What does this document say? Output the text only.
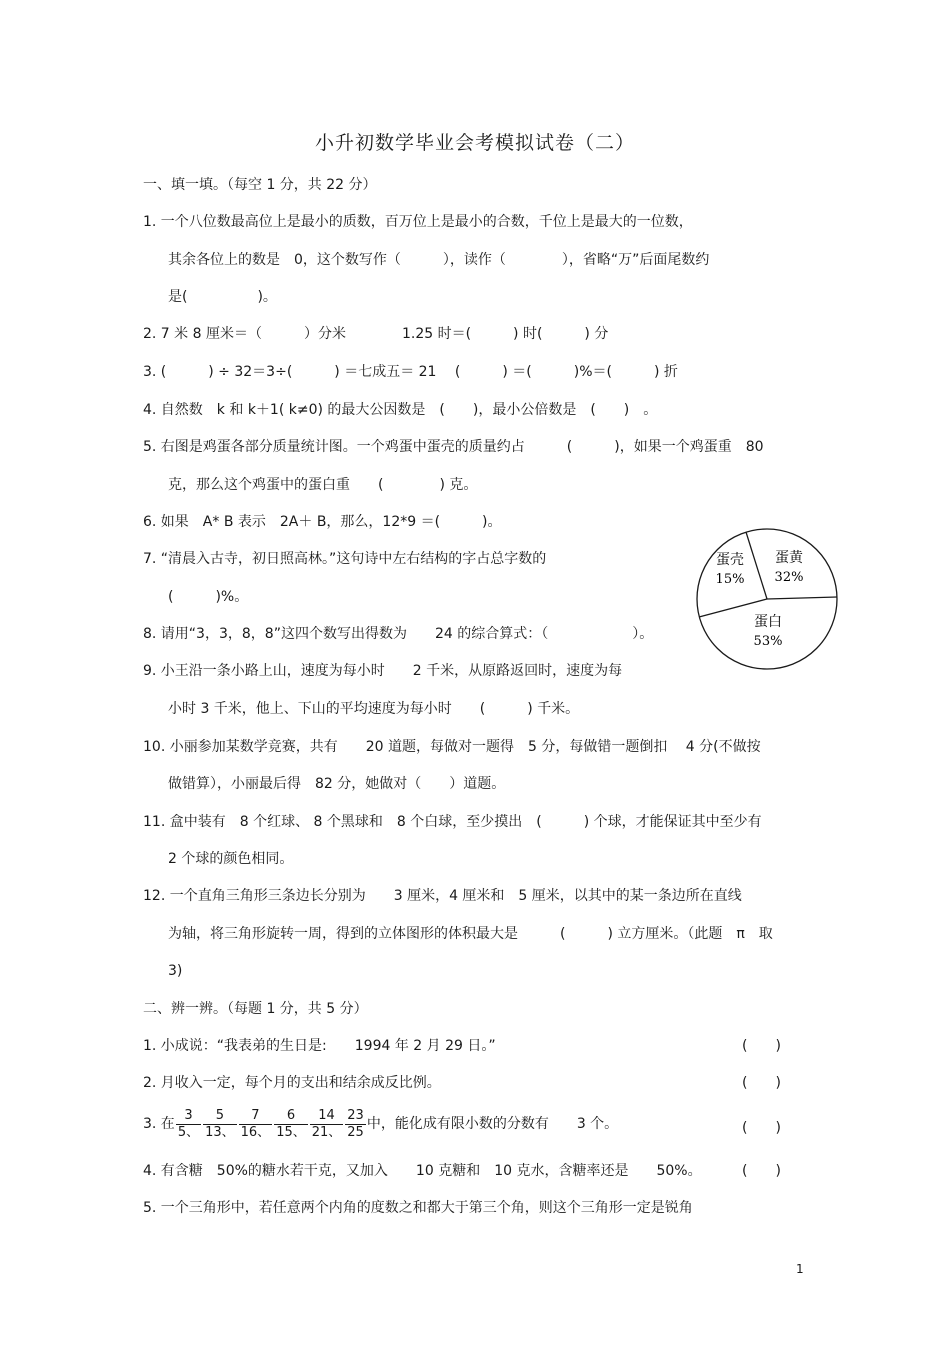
小升初数学毕业会考模拟试卷（二）
一、填一填。（每空 1 分，共 22 分）
1. 一个八位数最高位上是最小的质数，百万位上是最小的合数，千位上是最大的一位数，
其余各位上的数是　0，这个数写作（　　　），读作（　　　　），省略“万”后面尾数约
是(　　　　　)。
2. 7 米 8 厘米＝（　　　）分米　　　　1.25 时＝(　　　) 时(　　　) 分
3. (　　　) ÷ 32＝3÷(　　　) ＝七成五＝ 21　 (　　　) ＝(　　　)%＝(　　　) 折
4. 自然数　k 和 k＋1( k≠0) 的最大公因数是　(　　)，最小公倍数是　(　　)　。
5. 右图是鸡蛋各部分质量统计图。一个鸡蛋中蛋壳的质量约占　　　(　　　)，如果一个鸡蛋重　80
克，那么这个鸡蛋中的蛋白重　　(　　　　) 克。
6. 如果　A* B 表示　2A＋ B，那么，12*9 ＝(　　　)。
7. “清晨入古寺，初日照高林。”这句诗中左右结构的字占总字数的
(　　　)%。
8. 请用“3，3，8，8”这四个数写出得数为　　24 的综合算式：（　　　　　　）。
9. 小王沿一条小路上山，速度为每小时　　2 千米，从原路返回时，速度为每
小时 3 千米，他上、下山的平均速度为每小时　　(　　　) 千米。
10. 小丽参加某数学竞赛，共有　　20 道题，每做对一题得　5 分，每做错一题倒扣　 4 分(不做按
做错算），小丽最后得　82 分，她做对（　　）道题。
11. 盒中装有　8 个红球、 8 个黑球和　8 个白球，至少摸出　(　　　) 个球，才能保证其中至少有
2 个球的颜色相同。
12. 一个直角三角形三条边长分别为　　3 厘米，4 厘米和　5 厘米，以其中的某一条边所在直线
为轴，将三角形旋转一周，得到的立体图形的体积最大是　　　(　　　) 立方厘米。（此题　π　取
3)
蛋壳
15%
蛋黄
32%
蛋白
53%
二、辨一辨。（每题 1 分，共 5 分）
1. 小成说：“我表弟的生日是:　　1994 年 2 月 29 日。”	(　　)
2. 月收入一定，每个月的支出和结余成反比例。	(　　)
3. 在 $\frac{3}{5、} \frac{5}{13、} \frac{7}{16、} \frac{6}{15、} \frac{14}{21、} \frac{23}{25}$ 中，能化成有限小数的分数有　　3 个。	(　　)
4. 有含糖　50%的糖水若干克，又加入　　10 克糖和　10 克水，含糖率还是　　50%。	(　　)
5. 一个三角形中，若任意两个内角的度数之和都大于第三个角，则这个三角形一定是锐角
1
